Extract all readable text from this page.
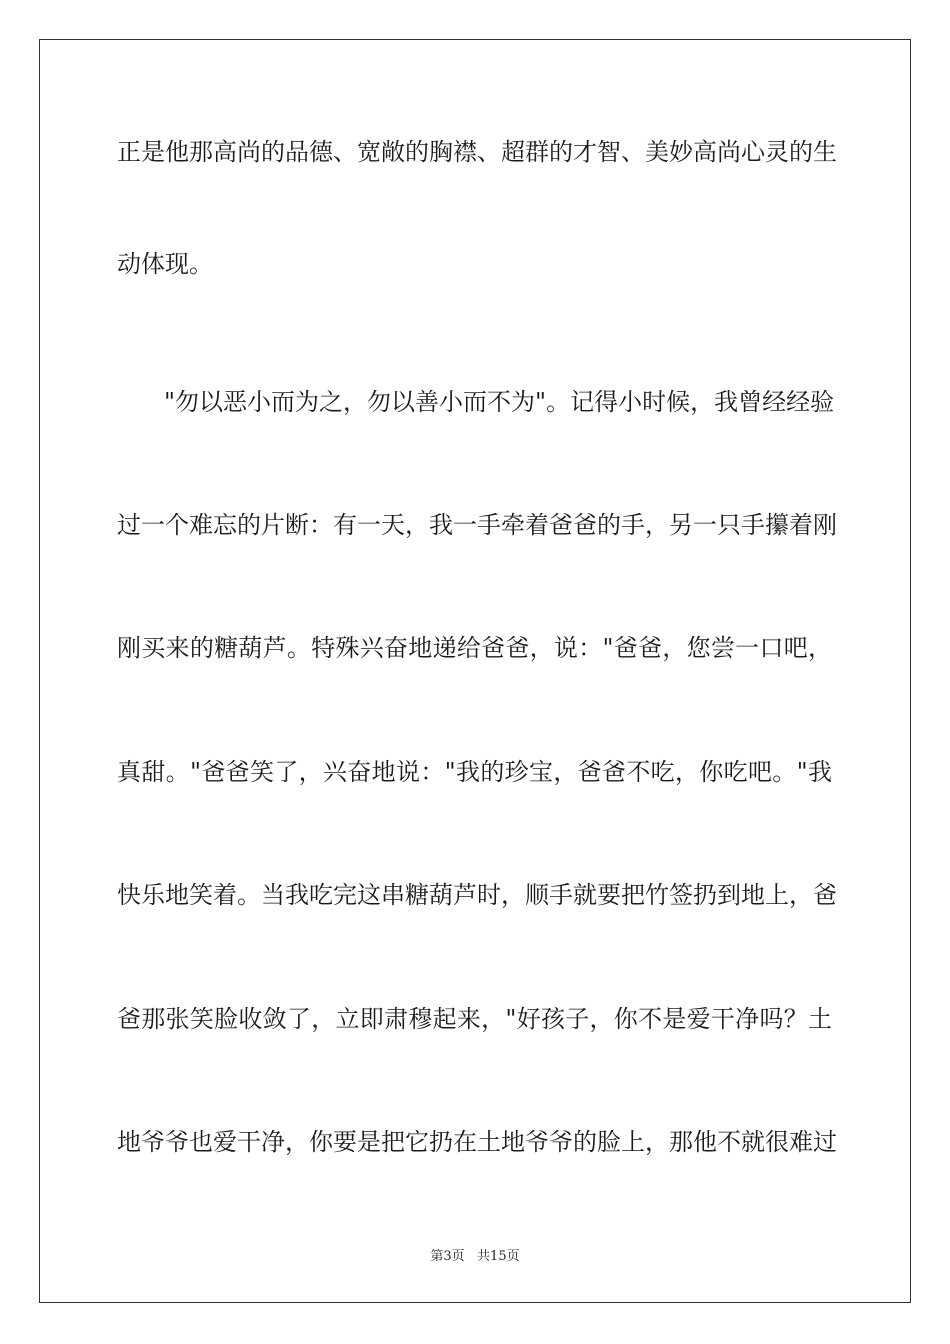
正是他那高尚的品德、宽敞的胸襟、超群的才智、美妙高尚心灵的生
动体现。
"勿以恶小而为之，勿以善小而不为"。记得小时候，我曾经经验
过一个难忘的片断：有一天，我一手牵着爸爸的手，另一只手攥着刚
刚买来的糖葫芦。特殊兴奋地递给爸爸，说："爸爸，您尝一口吧，
真甜。"爸爸笑了，兴奋地说："我的珍宝，爸爸不吃，你吃吧。"我
快乐地笑着。当我吃完这串糖葫芦时，顺手就要把竹签扔到地上，爸
爸那张笑脸收敛了，立即肃穆起来，"好孩子，你不是爱干净吗？土
地爷爷也爱干净，你要是把它扔在土地爷爷的脸上，那他不就很难过
第3页   共15页
